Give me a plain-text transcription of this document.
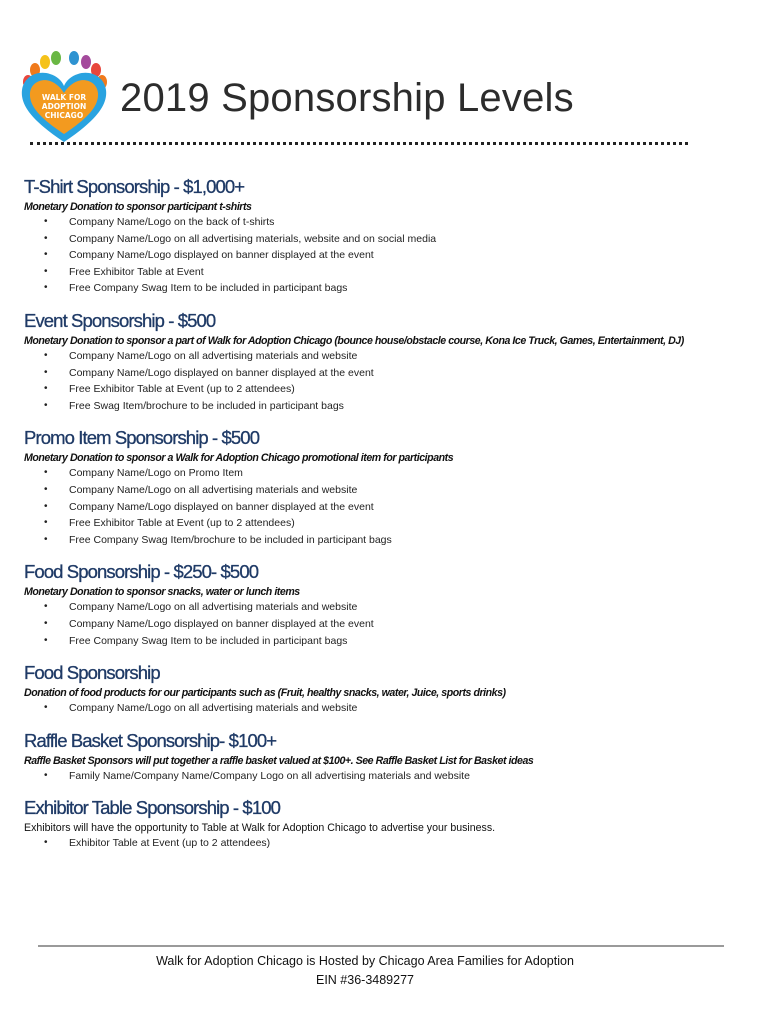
WALK FOR
ADOPTION
CHICAGO 2019 Sponsorship Levels
T-Shirt Sponsorship - $1,000+
Monetary Donation to sponsor participant t-shirts
• Company Name/Logo on the back of t-shirts
• Company Name/Logo on all advertising materials, website and on social media
• Company Name/Logo displayed on banner displayed at the event
• Free Exhibitor Table at Event
• Free Company Swag Item to be included in participant bags
Event Sponsorship - $500
Monetary Donation to sponsor a part of Walk for Adoption Chicago (bounce house/obstacle course, Kona Ice Truck, Games, Entertainment, DJ)
• Company Name/Logo on all advertising materials and website
• Company Name/Logo displayed on banner displayed at the event
• Free Exhibitor Table at Event (up to 2 attendees)
• Free Swag Item/brochure to be included in participant bags
Promo Item Sponsorship - $500
Monetary Donation to sponsor a Walk for Adoption Chicago promotional item for participants
• Company Name/Logo on Promo Item
• Company Name/Logo on all advertising materials and website
• Company Name/Logo displayed on banner displayed at the event
• Free Exhibitor Table at Event (up to 2 attendees)
• Free Company Swag Item/brochure to be included in participant bags
Food Sponsorship - $250- $500
Monetary Donation to sponsor snacks, water or lunch items
• Company Name/Logo on all advertising materials and website
• Company Name/Logo displayed on banner displayed at the event
• Free Company Swag Item to be included in participant bags
Food Sponsorship
Donation of food products for our participants such as (Fruit, healthy snacks, water, Juice, sports drinks)
• Company Name/Logo on all advertising materials and website
Raffle Basket Sponsorship- $100+
Raffle Basket Sponsors will put together a raffle basket valued at $100+. See Raffle Basket List for Basket ideas
• Family Name/Company Name/Company Logo on all advertising materials and website
Exhibitor Table Sponsorship - $100
Exhibitors will have the opportunity to Table at Walk for Adoption Chicago to advertise your business.
• Exhibitor Table at Event (up to 2 attendees)
Walk for Adoption Chicago is Hosted by Chicago Area Families for Adoption
EIN #36-3489277
